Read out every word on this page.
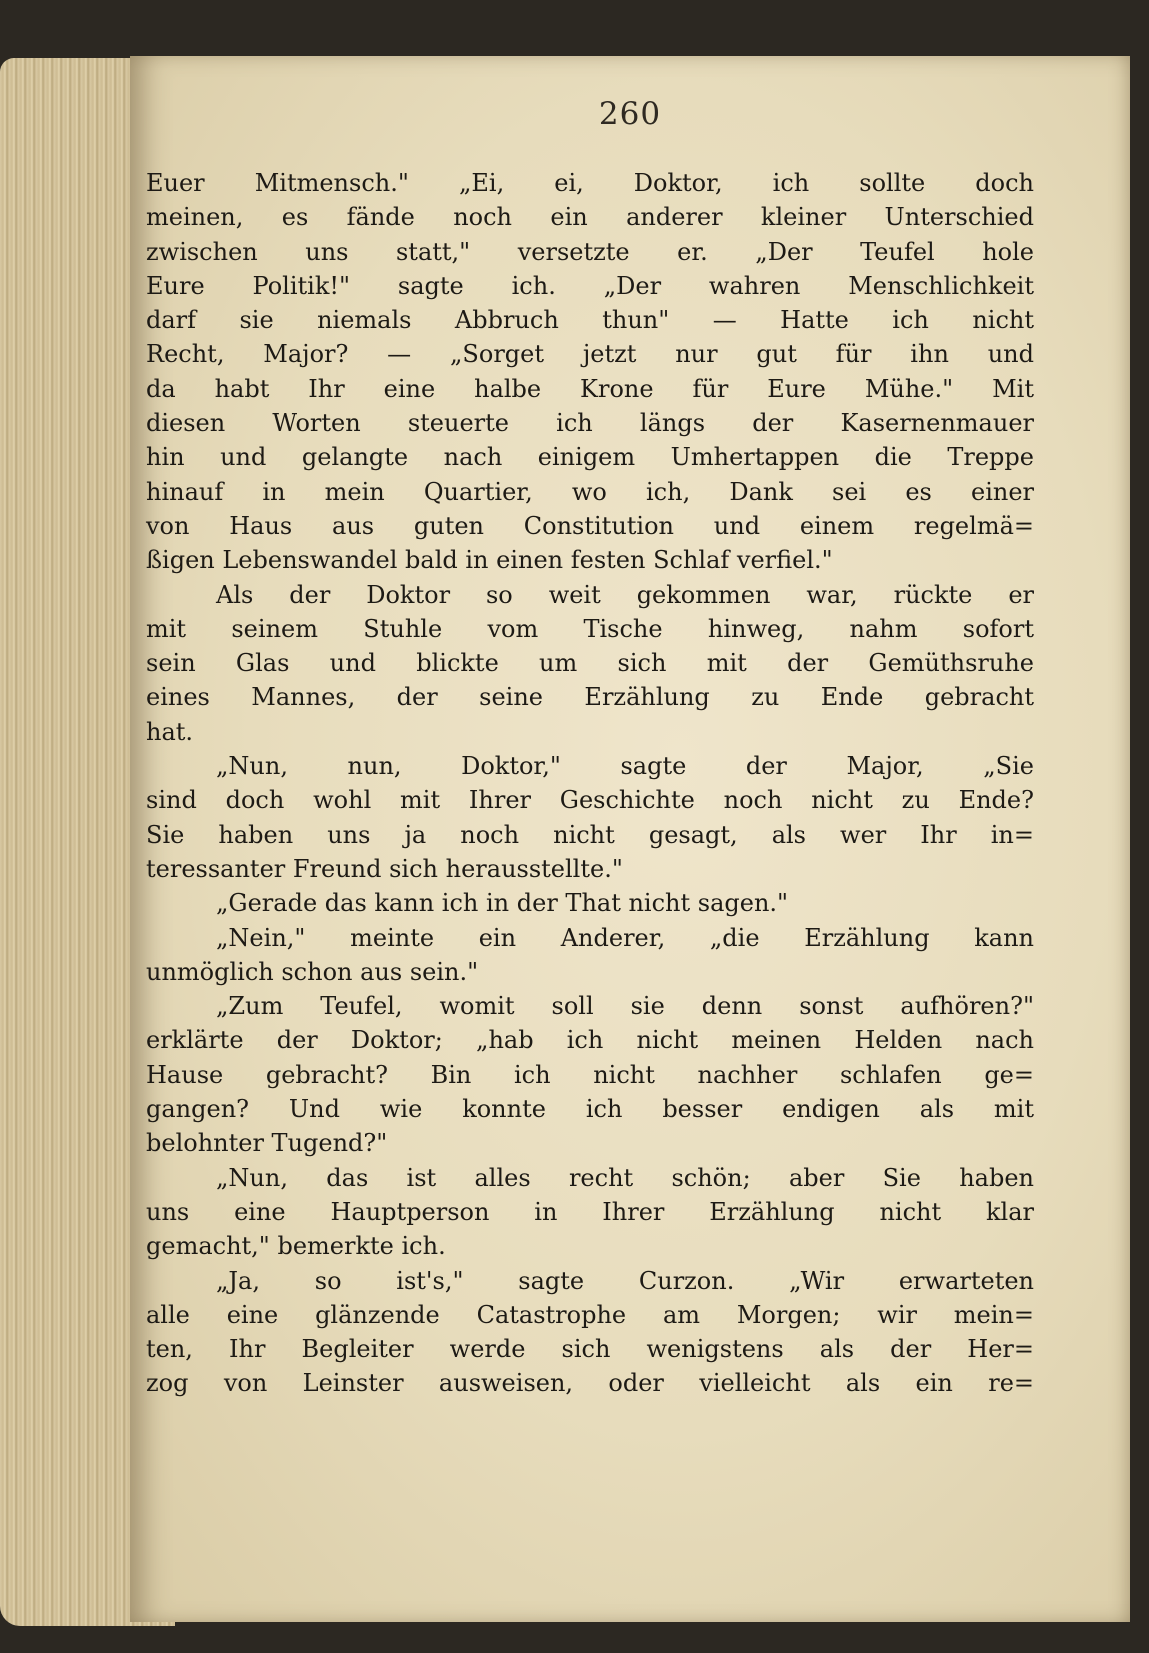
260
Euer Mitmensch." „Ei, ei, Doktor, ich sollte doch
meinen, es fände noch ein anderer kleiner Unterschied
zwischen uns statt," versetzte er. „Der Teufel hole
Eure Politik!" sagte ich. „Der wahren Menschlichkeit
darf sie niemals Abbruch thun" — Hatte ich nicht
Recht, Major? — „Sorget jetzt nur gut für ihn und
da habt Ihr eine halbe Krone für Eure Mühe." Mit
diesen Worten steuerte ich längs der Kasernenmauer
hin und gelangte nach einigem Umhertappen die Treppe
hinauf in mein Quartier, wo ich, Dank sei es einer
von Haus aus guten Constitution und einem regelmä=
ßigen Lebenswandel bald in einen festen Schlaf verfiel."
Als der Doktor so weit gekommen war, rückte er
mit seinem Stuhle vom Tische hinweg, nahm sofort
sein Glas und blickte um sich mit der Gemüthsruhe
eines Mannes, der seine Erzählung zu Ende gebracht
hat.
„Nun, nun, Doktor," sagte der Major, „Sie
sind doch wohl mit Ihrer Geschichte noch nicht zu Ende?
Sie haben uns ja noch nicht gesagt, als wer Ihr in=
teressanter Freund sich herausstellte."
„Gerade das kann ich in der That nicht sagen."
„Nein," meinte ein Anderer, „die Erzählung kann
unmöglich schon aus sein."
„Zum Teufel, womit soll sie denn sonst aufhören?"
erklärte der Doktor; „hab ich nicht meinen Helden nach
Hause gebracht? Bin ich nicht nachher schlafen ge=
gangen? Und wie konnte ich besser endigen als mit
belohnter Tugend?"
„Nun, das ist alles recht schön; aber Sie haben
uns eine Hauptperson in Ihrer Erzählung nicht klar
gemacht," bemerkte ich.
„Ja, so ist's," sagte Curzon. „Wir erwarteten
alle eine glänzende Catastrophe am Morgen; wir mein=
ten, Ihr Begleiter werde sich wenigstens als der Her=
zog von Leinster ausweisen, oder vielleicht als ein re=
